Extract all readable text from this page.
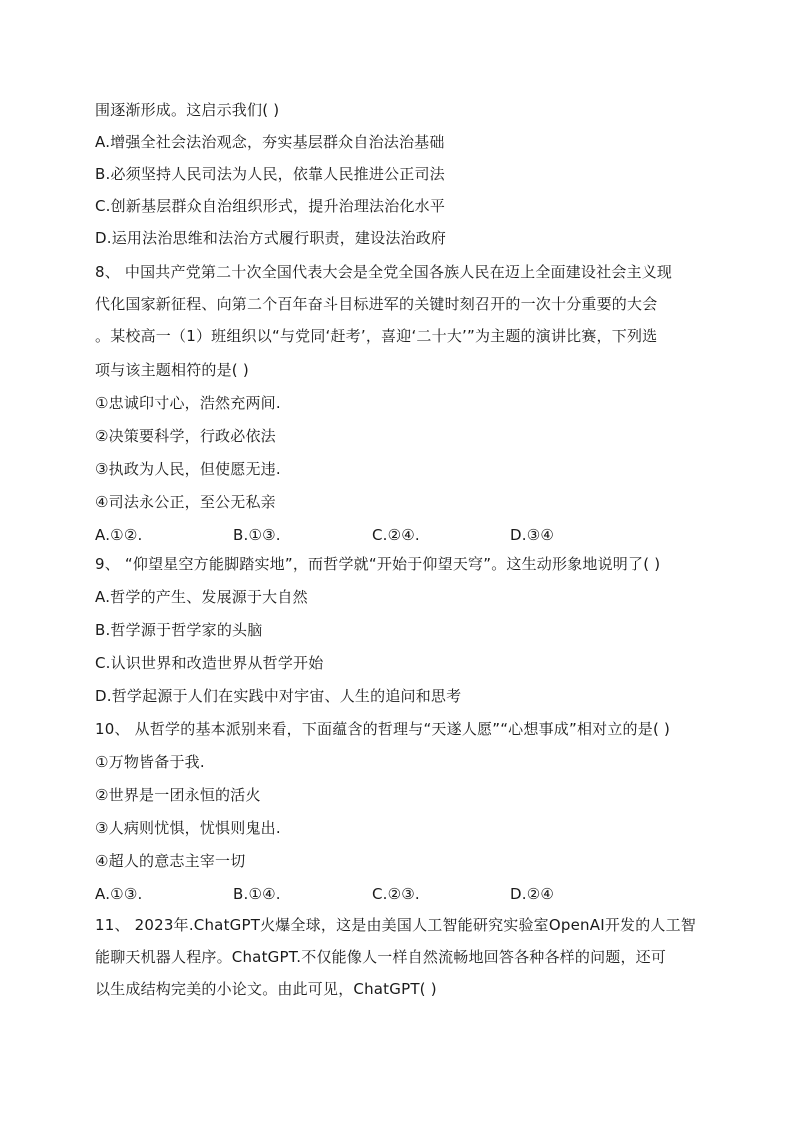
围逐渐形成。这启示我们( )
A.增强全社会法治观念，夯实基层群众自治法治基础
B.必须坚持人民司法为人民，依靠人民推进公正司法
C.创新基层群众自治组织形式，提升治理法治化水平
D.运用法治思维和法治方式履行职责，建设法治政府
8、 中国共产党第二十次全国代表大会是全党全国各族人民在迈上全面建设社会主义现
代化国家新征程、向第二个百年奋斗目标进军的关键时刻召开的一次十分重要的大会
。某校高一（1）班组织以“与党同‘赶考’，喜迎‘二十大’”为主题的演讲比赛，下列选
项与该主题相符的是( )
①忠诚印寸心，浩然充两间.
②决策要科学，行政必依法
③执政为人民，但使愿无违.
④司法永公正，至公无私亲
A.①②.	B.①③.	C.②④.	D.③④
9、 “仰望星空方能脚踏实地”，而哲学就“开始于仰望天穹”。这生动形象地说明了( )
A.哲学的产生、发展源于大自然
B.哲学源于哲学家的头脑
C.认识世界和改造世界从哲学开始
D.哲学起源于人们在实践中对宇宙、人生的追问和思考
10、 从哲学的基本派别来看，下面蕴含的哲理与“天遂人愿”“心想事成”相对立的是( )
①万物皆备于我.
②世界是一团永恒的活火
③人病则忧惧，忧惧则鬼出.
④超人的意志主宰一切
A.①③.	B.①④.	C.②③.	D.②④
11、 2023年.ChatGPT火爆全球，这是由美国人工智能研究实验室OpenAI开发的人工智
能聊天机器人程序。ChatGPT.不仅能像人一样自然流畅地回答各种各样的问题，还可
以生成结构完美的小论文。由此可见，ChatGPT( )
